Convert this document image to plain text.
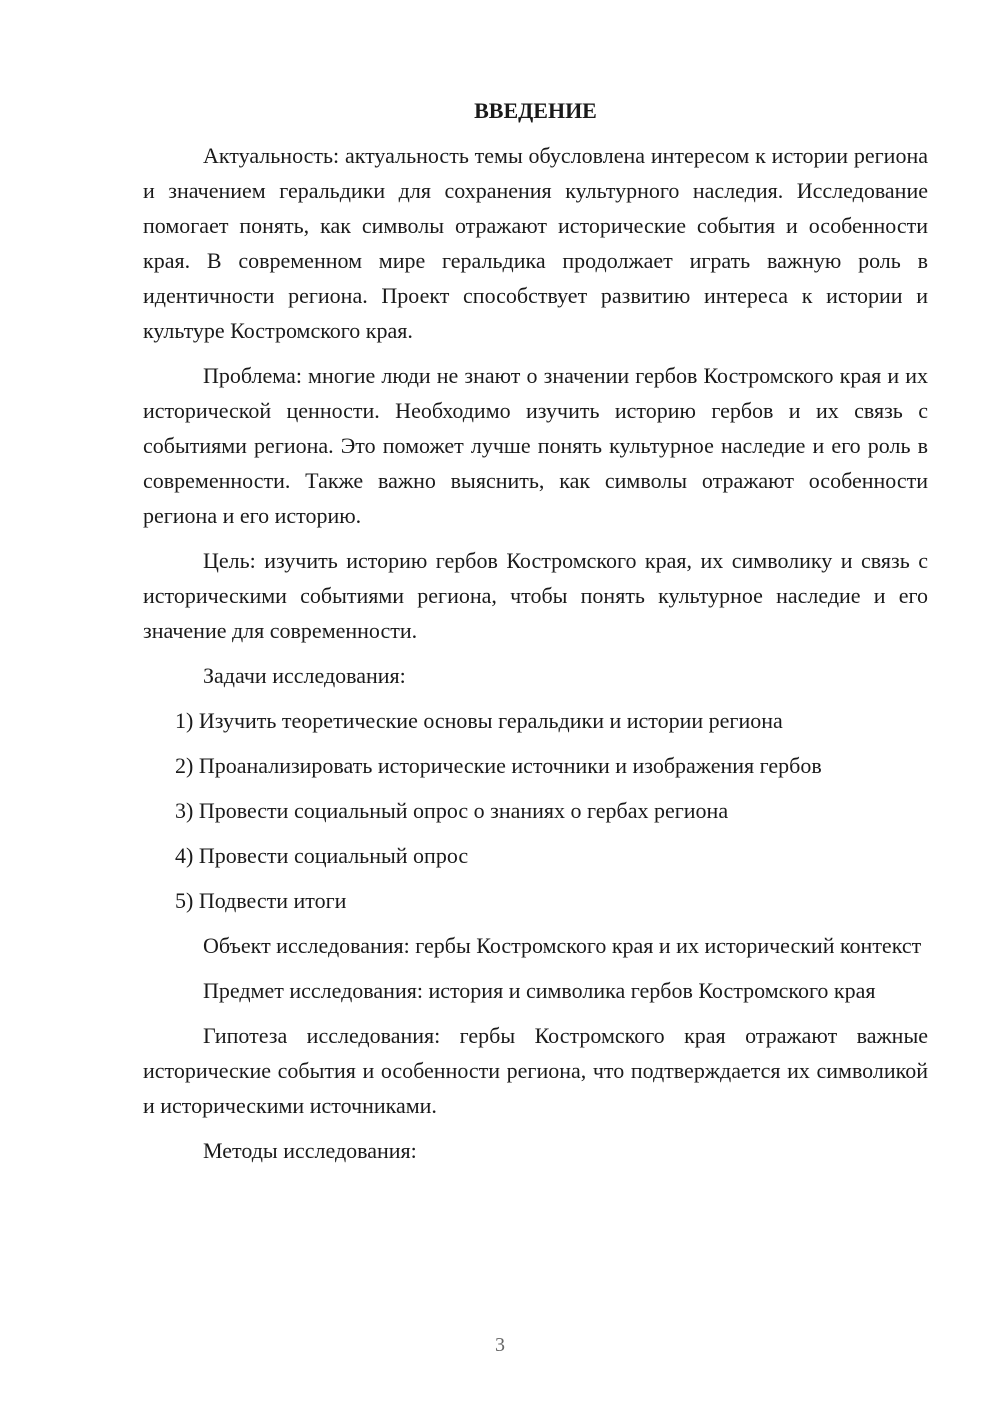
ВВЕДЕНИЕ

Актуальность: актуальность темы обусловлена интересом к истории региона и значением геральдики для сохранения культурного наследия. Исследование помогает понять, как символы отражают исторические события и особенности края. В современном мире геральдика продолжает играть важную роль в идентичности региона. Проект способствует развитию интереса к истории и культуре Костромского края.

Проблема: многие люди не знают о значении гербов Костромского края и их исторической ценности. Необходимо изучить историю гербов и их связь с событиями региона. Это поможет лучше понять культурное наследие и его роль в современности. Также важно выяснить, как символы отражают особенности региона и его историю.

Цель: изучить историю гербов Костромского края, их символику и связь с историческими событиями региона, чтобы понять культурное наследие и его значение для современности.

Задачи исследования:

1) Изучить теоретические основы геральдики и истории региона
2) Проанализировать исторические источники и изображения гербов
3) Провести социальный опрос о знаниях о гербах региона
4) Провести социальный опрос
5) Подвести итоги

Объект исследования: гербы Костромского края и их исторический контекст

Предмет исследования: история и символика гербов Костромского края

Гипотеза исследования: гербы Костромского края отражают важные исторические события и особенности региона, что подтверждается их символикой и историческими источниками.

Методы исследования:

3
